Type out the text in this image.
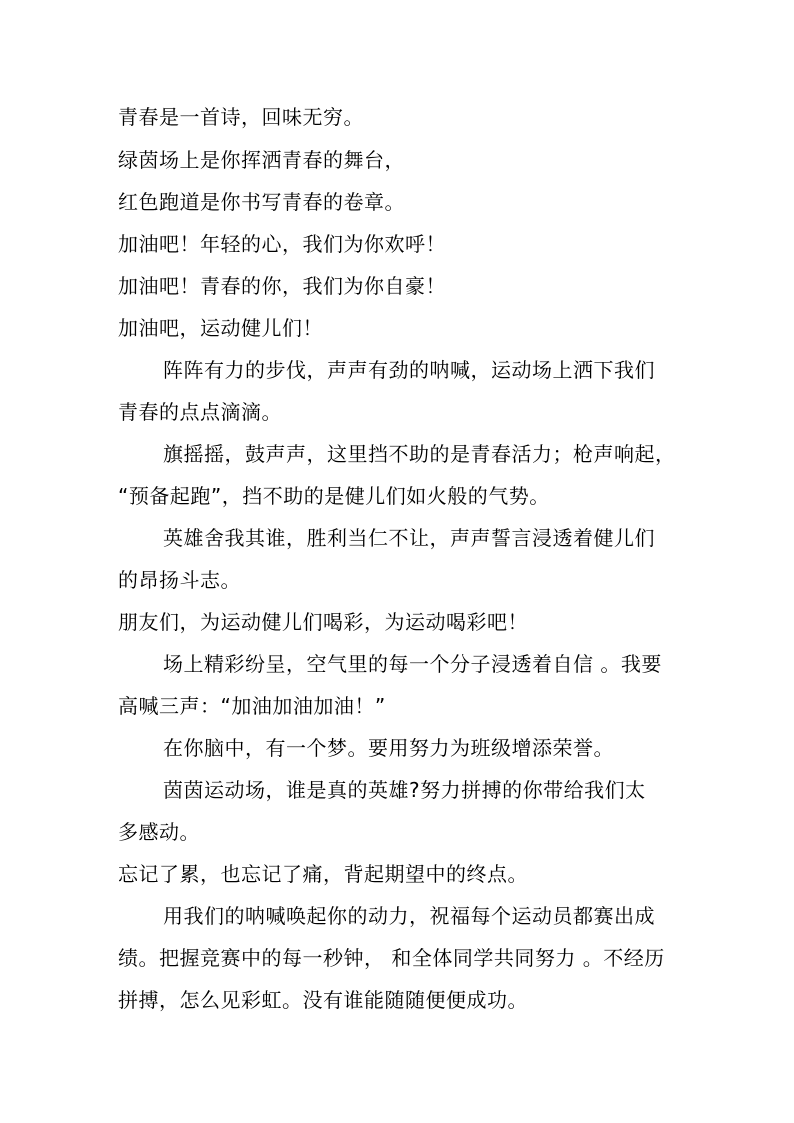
青春是一首诗，回味无穷。
绿茵场上是你挥洒青春的舞台，
红色跑道是你书写青春的卷章。
加油吧！年轻的心，我们为你欢呼！
加油吧！青春的你，我们为你自豪！
加油吧，运动健儿们！
阵阵有力的步伐，声声有劲的呐喊，运动场上洒下我们
青春的点点滴滴。
旗摇摇，鼓声声，这里挡不助的是青春活力；枪声响起，
“预备起跑”，挡不助的是健儿们如火般的气势。
英雄舍我其谁，胜利当仁不让，声声誓言浸透着健儿们
的昂扬斗志。
朋友们，为运动健儿们喝彩，为运动喝彩吧！
场上精彩纷呈，空气里的每一个分子浸透着自信 。我要
高喊三声：“加油加油加油！”
在你脑中，有一个梦。要用努力为班级增添荣誉。
茵茵运动场，谁是真的英雄?努力拼搏的你带给我们太
多感动。
忘记了累，也忘记了痛，背起期望中的终点。
用我们的呐喊唤起你的动力，祝福每个运动员都赛出成
绩。把握竞赛中的每一秒钟， 和全体同学共同努力 。不经历
拼搏，怎么见彩虹。没有谁能随随便便成功。
